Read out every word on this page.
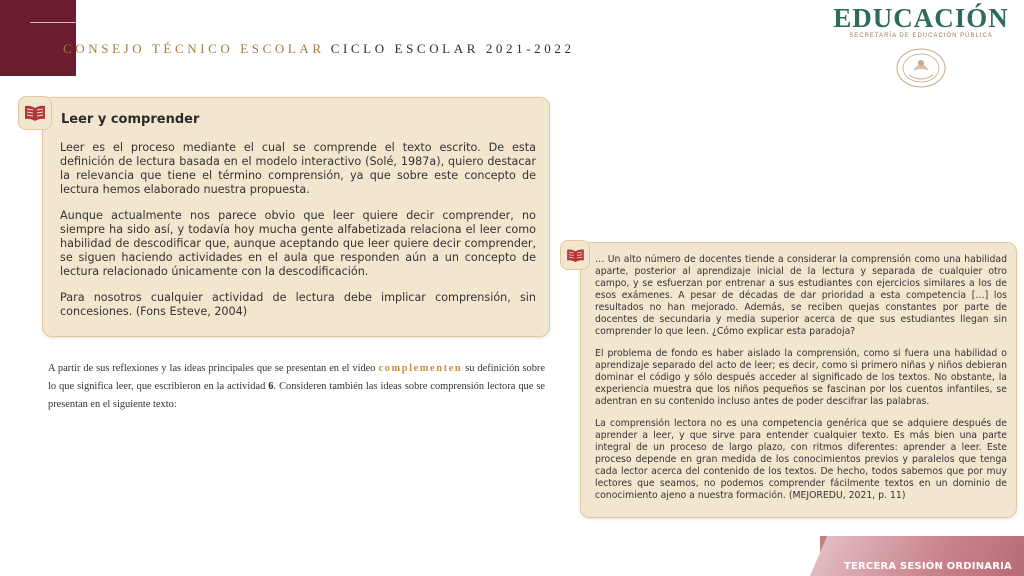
CONSEJO TÉCNICO ESCOLAR CICLO ESCOLAR 2021-2022
EDUCACIÓN
SECRETARÍA DE EDUCACIÓN PÚBLICA
Leer y comprender

Leer es el proceso mediante el cual se comprende el texto escrito. De esta definición de lectura basada en el modelo interactivo (Solé, 1987a), quiero destacar la relevancia que tiene el término comprensión, ya que sobre este concepto de lectura hemos elaborado nuestra propuesta.

Aunque actualmente nos parece obvio que leer quiere decir comprender, no siempre ha sido así, y todavía hoy mucha gente alfabetizada relaciona el leer como habilidad de descodificar que, aunque aceptando que leer quiere decir comprender, se siguen haciendo actividades en el aula que responden aún a un concepto de lectura relacionado únicamente con la descodificación.

Para nosotros cualquier actividad de lectura debe implicar comprensión, sin concesiones. (Fons Esteve, 2004)

A partir de sus reflexiones y las ideas principales que se presentan en el video complementen su definición sobre lo que significa leer, que escribieron en la actividad 6. Consideren también las ideas sobre comprensión lectora que se presentan en el siguiente texto:

… Un alto número de docentes tiende a considerar la comprensión como una habilidad aparte, posterior al aprendizaje inicial de la lectura y separada de cualquier otro campo, y se esfuerzan por entrenar a sus estudiantes con ejercicios similares a los de esos exámenes. A pesar de décadas de dar prioridad a esta competencia […] los resultados no han mejorado. Además, se reciben quejas constantes por parte de docentes de secundaria y media superior acerca de que sus estudiantes llegan sin comprender lo que leen. ¿Cómo explicar esta paradoja?

El problema de fondo es haber aislado la comprensión, como si fuera una habilidad o aprendizaje separado del acto de leer; es decir, como si primero niñas y niños debieran dominar el código y sólo después acceder al significado de los textos. No obstante, la experiencia muestra que los niños pequeños se fascinan por los cuentos infantiles, se adentran en su contenido incluso antes de poder descifrar las palabras.

La comprensión lectora no es una competencia genérica que se adquiere después de aprender a leer, y que sirve para entender cualquier texto. Es más bien una parte integral de un proceso de largo plazo, con ritmos diferentes: aprender a leer. Este proceso depende en gran medida de los conocimientos previos y paralelos que tenga cada lector acerca del contenido de los textos. De hecho, todos sabemos que por muy lectores que seamos, no podemos comprender fácilmente textos en un dominio de conocimiento ajeno a nuestra formación. (MEJOREDU, 2021, p. 11)

TERCERA SESIÓN ORDINARIA
